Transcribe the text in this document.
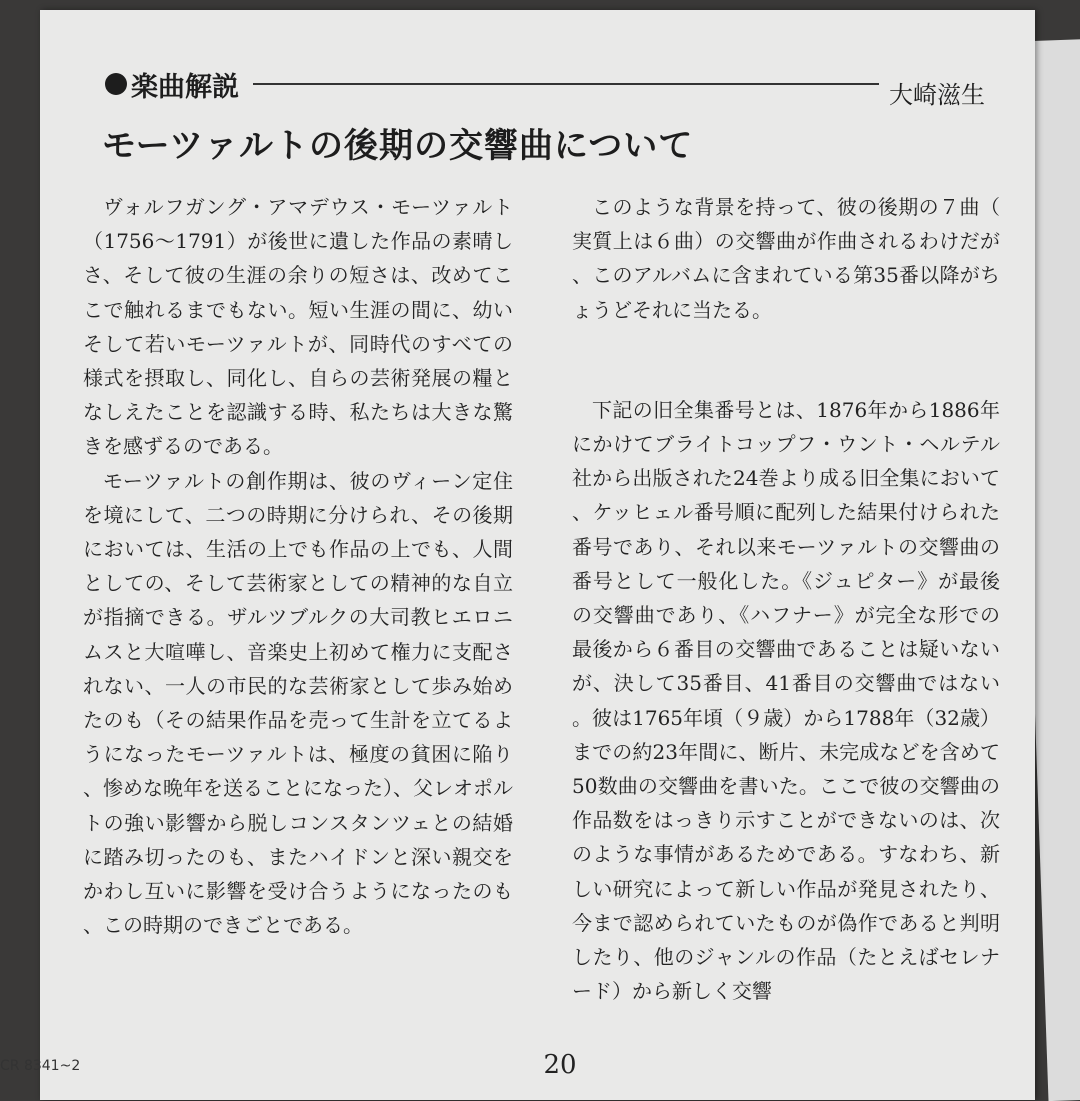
楽曲解説	大崎滋生
モーツァルトの後期の交響曲について

ヴォルフガング・アマデウス・モーツァルト（1756～1791）が後世に遺した作品の素晴しさ、そして彼の生涯の余りの短さは、改めてここで触れるまでもない。短い生涯の間に、幼いそして若いモーツァルトが、同時代のすべての様式を摂取し、同化し、自らの芸術発展の糧となしえたことを認識する時、私たちは大きな驚きを感ずるのである。

モーツァルトの創作期は、彼のヴィーン定住を境にして、二つの時期に分けられ、その後期においては、生活の上でも作品の上でも、人間としての、そして芸術家としての精神的な自立が指摘できる。ザルツブルクの大司教ヒエロニムスと大喧嘩し、音楽史上初めて権力に支配されない、一人の市民的な芸術家として歩み始めたのも（その結果作品を売って生計を立てるようになったモーツァルトは、極度の貧困に陥り、惨めな晩年を送ることになった）、父レオポルトの強い影響から脱しコンスタンツェとの結婚に踏み切ったのも、またハイドンと深い親交をかわし互いに影響を受け合うようになったのも、この時期のできごとである。

このような背景を持って、彼の後期の７曲（実質上は６曲）の交響曲が作曲されるわけだが、このアルバムに含まれている第35番以降がちょうどそれに当たる。

下記の旧全集番号とは、1876年から1886年にかけてブライトコップフ・ウント・ヘルテル社から出版された24巻より成る旧全集において、ケッヒェル番号順に配列した結果付けられた番号であり、それ以来モーツァルトの交響曲の番号として一般化した。《ジュピター》が最後の交響曲であり、《ハフナー》が完全な形での最後から６番目の交響曲であることは疑いないが、決して35番目、41番目の交響曲ではない。彼は1765年頃（９歳）から1788年（32歳）までの約23年間に、断片、未完成などを含めて50数曲の交響曲を書いた。ここで彼の交響曲の作品数をはっきり示すことができないのは、次のような事情があるためである。すなわち、新しい研究によって新しい作品が発見されたり、今まで認められていたものが偽作であると判明したり、他のジャンルの作品（たとえばセレナード）から新しく交響

20
CR 8341~2
